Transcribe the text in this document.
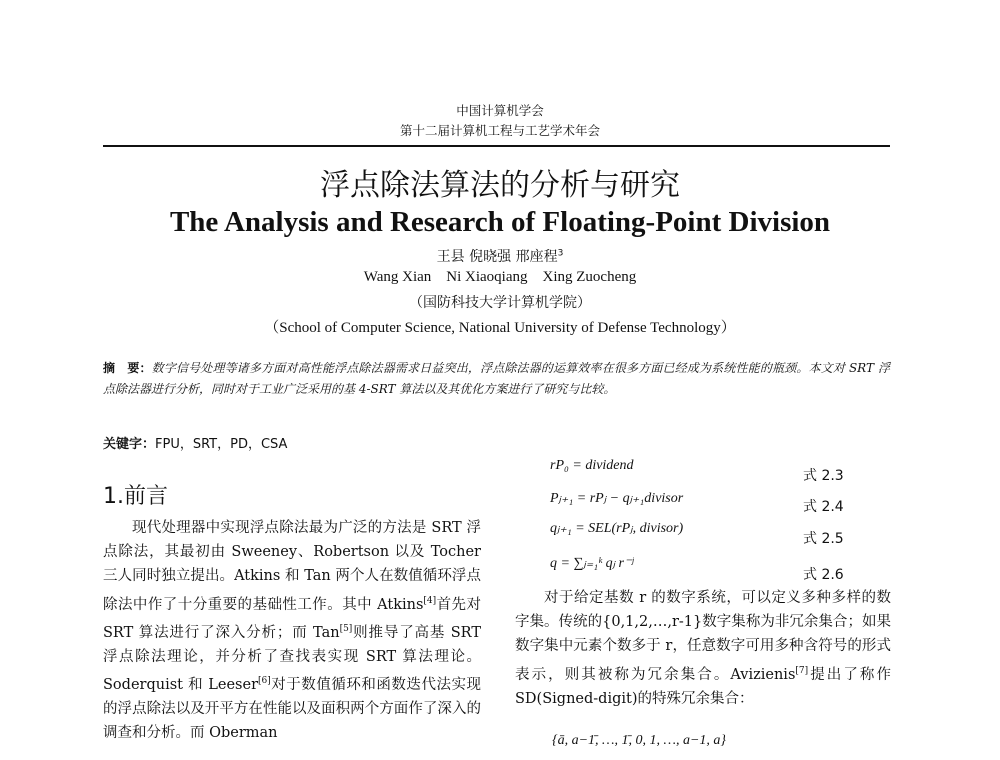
中国计算机学会
第十二届计算机工程与工艺学术年会
浮点除法算法的分析与研究
The Analysis and Research of Floating-Point Division
王县 倪晓强 邢座程$^3$
Wang Xian    Ni Xiaoqiang    Xing Zuocheng
（国防科技大学计算机学院）
（School of Computer Science, National University of Defense Technology）
摘　要：数字信号处理等诸多方面对高性能浮点除法器需求日益突出，浮点除法器的运算效率在很多方面已经成为系统性能的瓶颈。本文对 SRT 浮点除法器进行分析，同时对于工业广泛采用的基 4-SRT 算法以及其优化方案进行了研究与比较。
关键字：FPU，SRT，PD，CSA
1.前言

现代处理器中实现浮点除法最为广泛的方法是 SRT 浮点除法，其最初由 Sweeney、Robertson 以及 Tocher 三人同时独立提出。Atkins 和 Tan 两个人在数值循环浮点除法中作了十分重要的基础性工作。其中 Atkins[4]首先对 SRT 算法进行了深入分析；而 Tan[5]则推导了高基 SRT 浮点除法理论，并分析了查找表实现 SRT 算法理论。Soderquist 和 Leeser[6]对于数值循环和函数迭代法实现的浮点除法以及开平方在性能以及面积两个方面作了深入的调查和分析。而 Oberman

rP₀ = dividend
式 2.3
Pⱼ₊₁ = rPⱼ − qⱼ₊₁divisor
式 2.4
qⱼ₊₁ = SEL(rPⱼ, divisor)
式 2.5
q = ∑ⱼ₌₁ᵏ qⱼ r⁻ʲ
式 2.6

对于给定基数 r 的数字系统，可以定义多种多样的数字集。传统的{0,1,2,…,r-1}数字集称为非冗余集合；如果数字集中元素个数多于 r，任意数字可用多种含符号的形式表示，则其被称为冗余集合。Avizienis[7]提出了称作 SD(Signed-digit)的特殊冗余集合：

{ā, a−1̄, …, 1̄, 0, 1, …, a−1, a}
